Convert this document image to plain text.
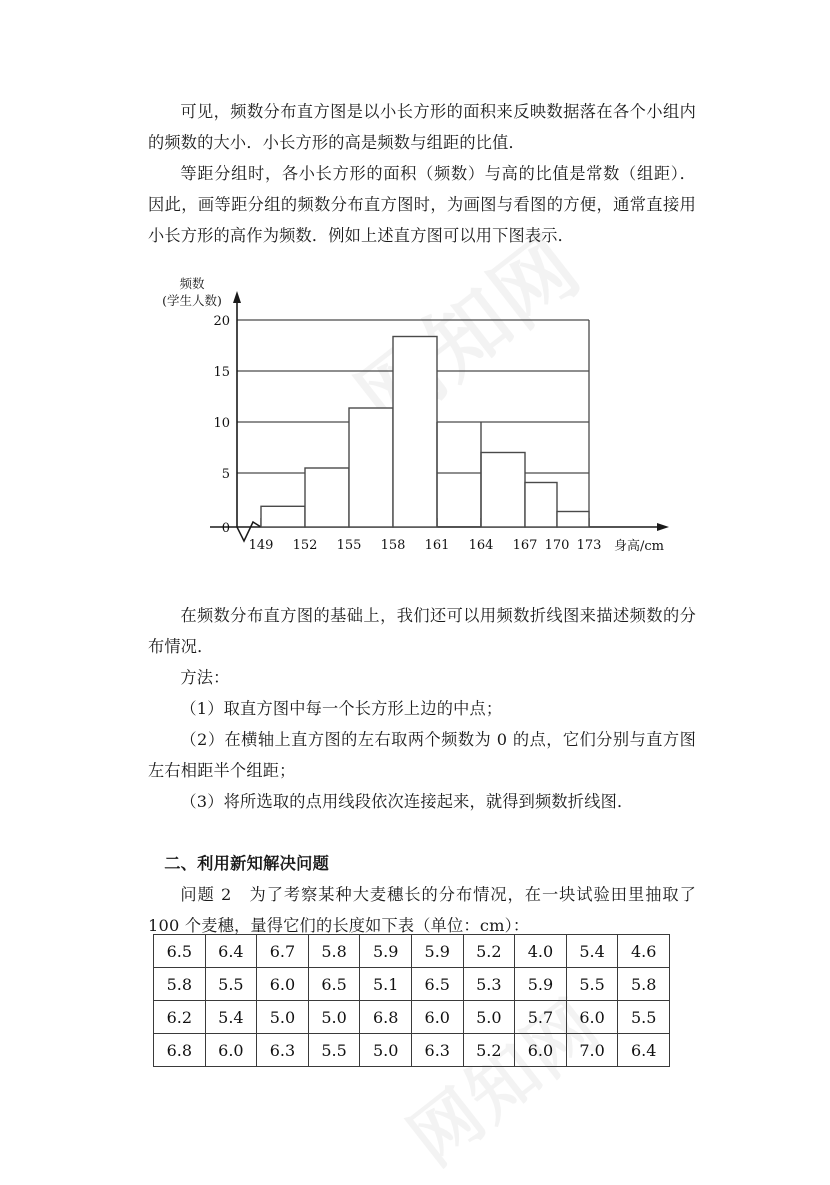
可见，频数分布直方图是以小长方形的面积来反映数据落在各个小组内的频数的大小．小长方形的高是频数与组距的比值．

等距分组时，各小长方形的面积（频数）与高的比值是常数（组距）．因此，画等距分组的频数分布直方图时，为画图与看图的方便，通常直接用小长方形的高作为频数．例如上述直方图可以用下图表示．

频数
(学生人数)
0
5
10
15
20
149 152 155 158 161 164 167 170 173 身高/cm

在频数分布直方图的基础上，我们还可以用频数折线图来描述频数的分布情况．

方法：

（1）取直方图中每一个长方形上边的中点；

（2）在横轴上直方图的左右取两个频数为 0 的点，它们分别与直方图左右相距半个组距；

（3）将所选取的点用线段依次连接起来，就得到频数折线图．

二、利用新知解决问题

问题 2　为了考察某种大麦穗长的分布情况，在一块试验田里抽取了 100 个麦穗，量得它们的长度如下表（单位：cm）：

6.5	6.4	6.7	5.8	5.9	5.9	5.2	4.0	5.4	4.6
5.8	5.5	6.0	6.5	5.1	6.5	5.3	5.9	5.5	5.8
6.2	5.4	5.0	5.0	6.8	6.0	5.0	5.7	6.0	5.5
6.8	6.0	6.3	5.5	5.0	6.3	5.2	6.0	7.0	6.4
